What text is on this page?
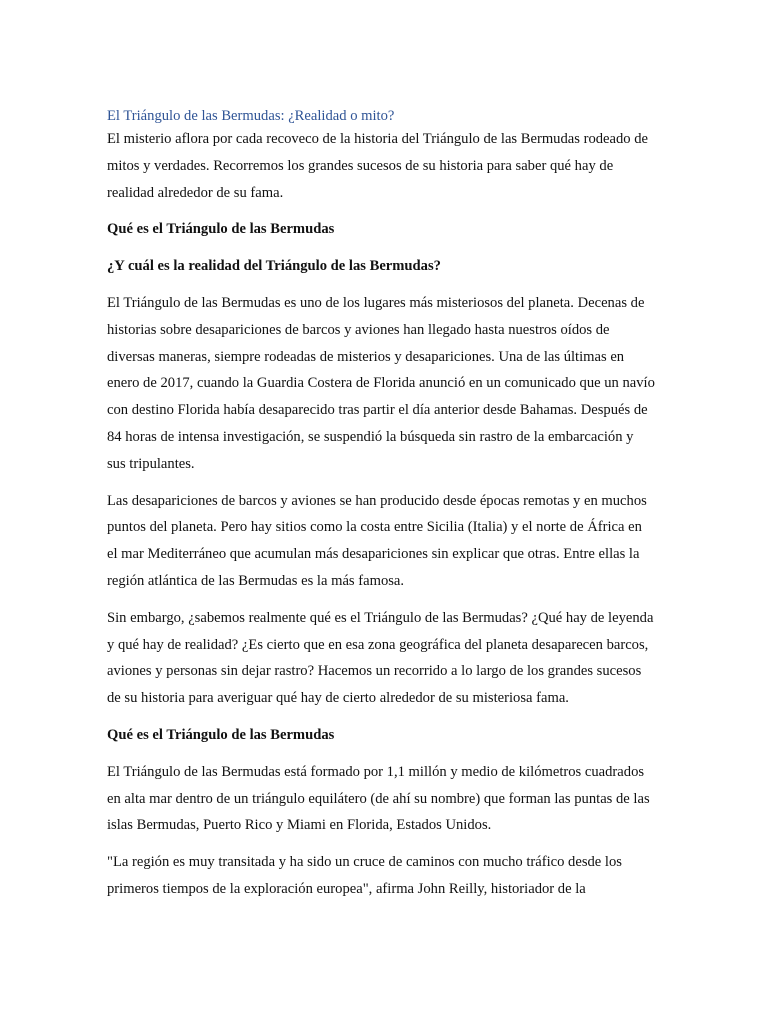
El Triángulo de las Bermudas: ¿Realidad o mito?

El misterio aflora por cada recoveco de la historia del Triángulo de las Bermudas rodeado de mitos y verdades. Recorremos los grandes sucesos de su historia para saber qué hay de realidad alrededor de su fama.

Qué es el Triángulo de las Bermudas

¿Y cuál es la realidad del Triángulo de las Bermudas?

El Triángulo de las Bermudas es uno de los lugares más misteriosos del planeta. Decenas de historias sobre desapariciones de barcos y aviones han llegado hasta nuestros oídos de diversas maneras, siempre rodeadas de misterios y desapariciones. Una de las últimas en enero de 2017, cuando la Guardia Costera de Florida anunció en un comunicado que un navío con destino Florida había desaparecido tras partir el día anterior desde Bahamas. Después de 84 horas de intensa investigación, se suspendió la búsqueda sin rastro de la embarcación y sus tripulantes.

Las desapariciones de barcos y aviones se han producido desde épocas remotas y en muchos puntos del planeta. Pero hay sitios como la costa entre Sicilia (Italia) y el norte de África en el mar Mediterráneo que acumulan más desapariciones sin explicar que otras. Entre ellas la región atlántica de las Bermudas es la más famosa.

Sin embargo, ¿sabemos realmente qué es el Triángulo de las Bermudas? ¿Qué hay de leyenda y qué hay de realidad? ¿Es cierto que en esa zona geográfica del planeta desaparecen barcos, aviones y personas sin dejar rastro? Hacemos un recorrido a lo largo de los grandes sucesos de su historia para averiguar qué hay de cierto alrededor de su misteriosa fama.

Qué es el Triángulo de las Bermudas

El Triángulo de las Bermudas está formado por 1,1 millón y medio de kilómetros cuadrados en alta mar dentro de un triángulo equilátero (de ahí su nombre) que forman las puntas de las islas Bermudas, Puerto Rico y Miami en Florida, Estados Unidos.

"La región es muy transitada y ha sido un cruce de caminos con mucho tráfico desde los primeros tiempos de la exploración europea", afirma John Reilly, historiador de la
